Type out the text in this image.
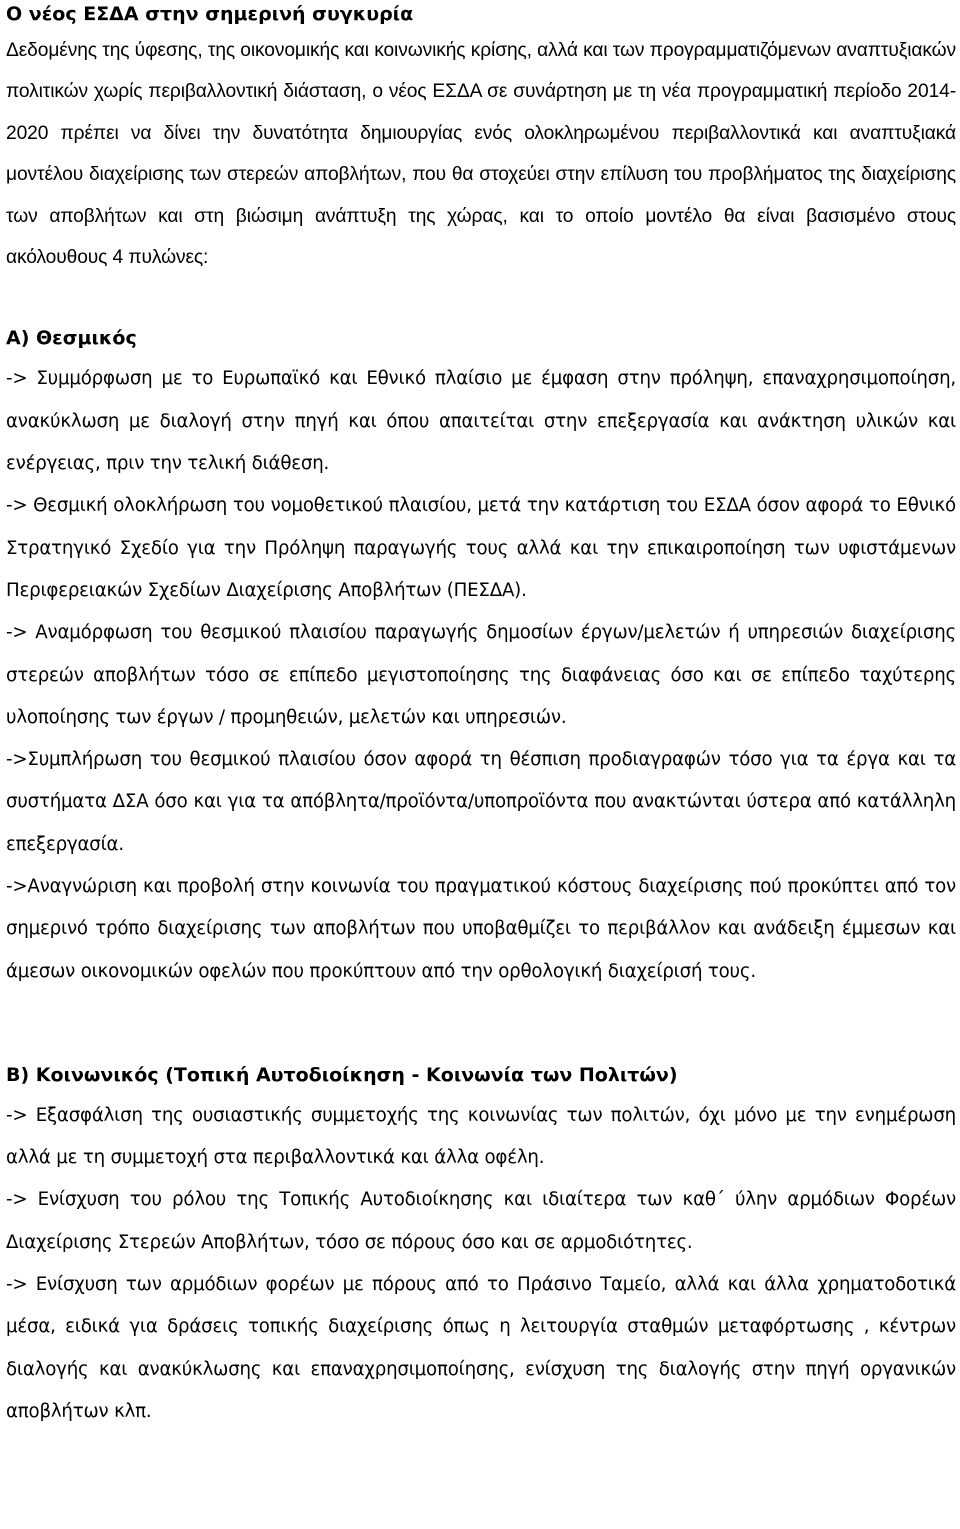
Ο νέος ΕΣΔΑ στην σημερινή συγκυρία

Δεδομένης της ύφεσης, της οικονομικής και κοινωνικής κρίσης, αλλά και των προγραμματιζόμενων αναπτυξιακών πολιτικών χωρίς περιβαλλοντική διάσταση, ο νέος ΕΣΔΑ σε συνάρτηση με τη νέα προγραμματική περίοδο 2014-2020 πρέπει να δίνει την δυνατότητα δημιουργίας ενός ολοκληρωμένου περιβαλλοντικά και αναπτυξιακά μοντέλου διαχείρισης των στερεών αποβλήτων, που θα στοχεύει στην επίλυση του προβλήματος της διαχείρισης των αποβλήτων και στη βιώσιμη ανάπτυξη της χώρας, και το οποίο μοντέλο θα είναι βασισμένο στους ακόλουθους 4 πυλώνες:

Α) Θεσμικός

-> Συμμόρφωση με το Ευρωπαϊκό και Εθνικό πλαίσιο με έμφαση στην πρόληψη, επαναχρησιμοποίηση, ανακύκλωση με διαλογή στην πηγή και όπου απαιτείται στην επεξεργασία και ανάκτηση υλικών και ενέργειας, πριν την τελική διάθεση.

-> Θεσμική ολοκλήρωση του νομοθετικού πλαισίου, μετά την κατάρτιση του ΕΣΔΑ όσον αφορά το Εθνικό Στρατηγικό Σχεδίο για την Πρόληψη παραγωγής τους αλλά και την επικαιροποίηση των υφιστάμενων Περιφερειακών Σχεδίων Διαχείρισης Αποβλήτων (ΠΕΣΔΑ).

-> Αναμόρφωση του θεσμικού πλαισίου παραγωγής δημοσίων έργων/μελετών ή υπηρεσιών διαχείρισης στερεών αποβλήτων τόσο σε επίπεδο μεγιστοποίησης της διαφάνειας όσο και σε επίπεδο ταχύτερης υλοποίησης των έργων / προμηθειών, μελετών και υπηρεσιών.

->Συμπλήρωση του θεσμικού πλαισίου όσον αφορά τη θέσπιση προδιαγραφών τόσο για τα έργα και τα συστήματα ΔΣΑ όσο και για τα απόβλητα/προϊόντα/υποπροϊόντα που ανακτώνται ύστερα από κατάλληλη επεξεργασία.

->Αναγνώριση και προβολή στην κοινωνία του πραγματικού κόστους διαχείρισης πού προκύπτει από τον σημερινό τρόπο διαχείρισης των αποβλήτων που υποβαθμίζει το περιβάλλον και ανάδειξη έμμεσων και άμεσων οικονομικών οφελών που προκύπτουν από την ορθολογική διαχείρισή τους.

Β) Κοινωνικός (Τοπική Αυτοδιοίκηση - Κοινωνία των Πολιτών)

-> Εξασφάλιση της ουσιαστικής συμμετοχής της κοινωνίας των πολιτών, όχι μόνο με την ενημέρωση αλλά με τη συμμετοχή στα περιβαλλοντικά και άλλα οφέλη.

-> Ενίσχυση του ρόλου της Τοπικής Αυτοδιοίκησης και ιδιαίτερα των καθ΄ ύλην αρμόδιων Φορέων Διαχείρισης Στερεών Αποβλήτων, τόσο σε πόρους όσο και σε αρμοδιότητες.

-> Ενίσχυση των αρμόδιων φορέων με πόρους από το Πράσινο Ταμείο, αλλά και άλλα χρηματοδοτικά μέσα, ειδικά για δράσεις τοπικής διαχείρισης όπως η λειτουργία σταθμών μεταφόρτωσης , κέντρων διαλογής και ανακύκλωσης και επαναχρησιμοποίησης, ενίσχυση της διαλογής στην πηγή οργανικών αποβλήτων κλπ.
